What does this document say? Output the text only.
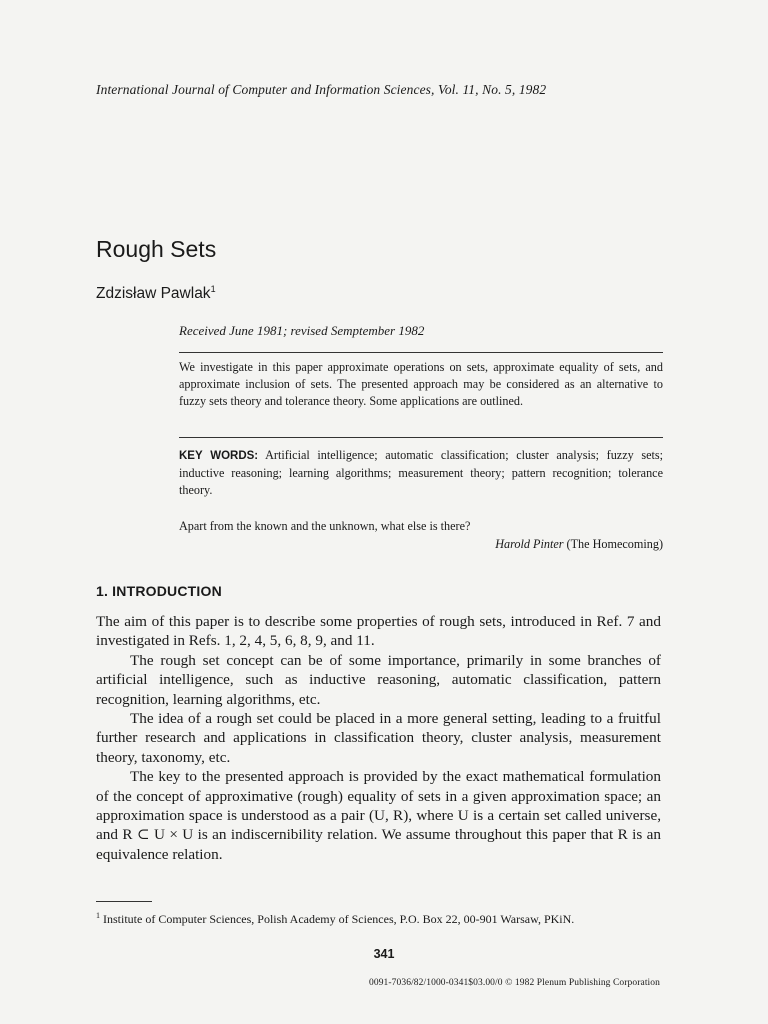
International Journal of Computer and Information Sciences, Vol. 11, No. 5, 1982
Rough Sets
Zdzisław Pawlak$^1$
Received June 1981; revised Semptember 1982
We investigate in this paper approximate operations on sets, approximate equality of sets, and approximate inclusion of sets. The presented approach may be considered as an alternative to fuzzy sets theory and tolerance theory. Some applications are outlined.
KEY WORDS: Artificial intelligence; automatic classification; cluster analysis; fuzzy sets; inductive reasoning; learning algorithms; measurement theory; pattern recognition; tolerance theory.
Apart from the known and the unknown, what else is there?
Harold Pinter (The Homecoming)
1. INTRODUCTION

The aim of this paper is to describe some properties of rough sets, introduced in Ref. 7 and investigated in Refs. 1, 2, 4, 5, 6, 8, 9, and 11.

The rough set concept can be of some importance, primarily in some branches of artificial intelligence, such as inductive reasoning, automatic classification, pattern recognition, learning algorithms, etc.

The idea of a rough set could be placed in a more general setting, leading to a fruitful further research and applications in classification theory, cluster analysis, measurement theory, taxonomy, etc.

The key to the presented approach is provided by the exact mathematical formulation of the concept of approximative (rough) equality of sets in a given approximation space; an approximation space is understood as a pair (U, R), where U is a certain set called universe, and R ⊂ U × U is an indiscernibility relation. We assume throughout this paper that R is an equivalence relation.

$^1$ Institute of Computer Sciences, Polish Academy of Sciences, P.O. Box 22, 00-901 Warsaw, PKiN.
341
0091-7036/82/1000-0341$03.00/0 © 1982 Plenum Publishing Corporation
